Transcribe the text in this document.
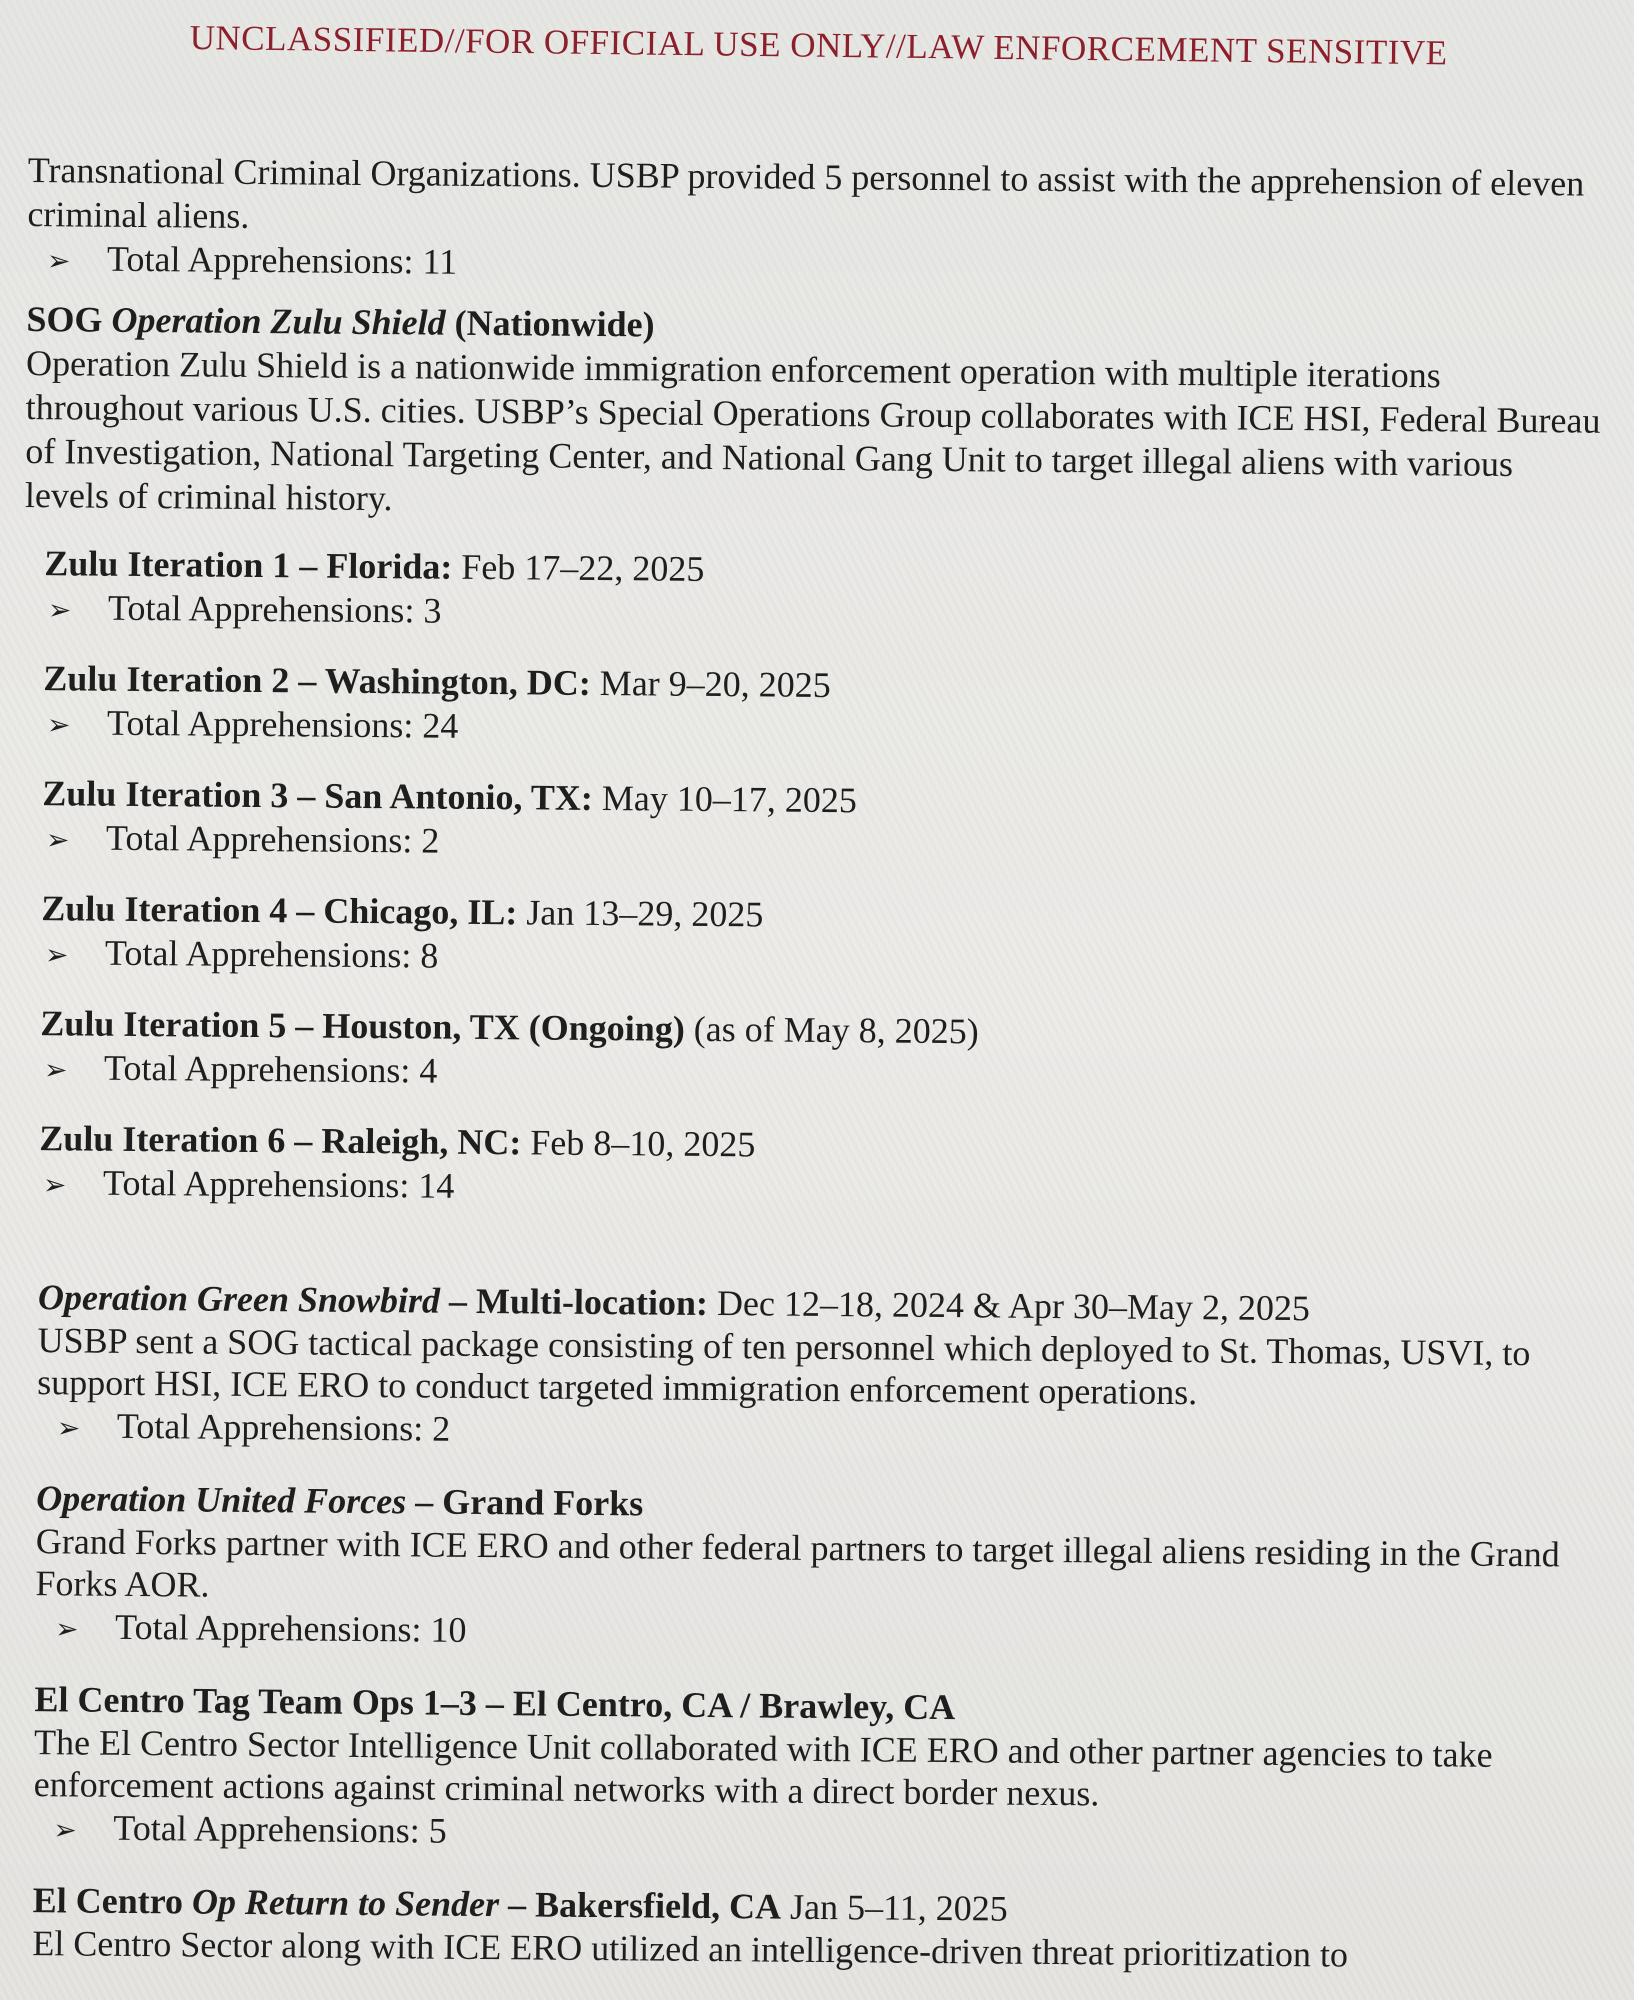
UNCLASSIFIED//FOR OFFICIAL USE ONLY//LAW ENFORCEMENT SENSITIVE

Transnational Criminal Organizations. USBP provided 5 personnel to assist with the apprehension of eleven criminal aliens.

➢ Total Apprehensions: 11

SOG Operation Zulu Shield (Nationwide)

Operation Zulu Shield is a nationwide immigration enforcement operation with multiple iterations throughout various U.S. cities. USBP’s Special Operations Group collaborates with ICE HSI, Federal Bureau of Investigation, National Targeting Center, and National Gang Unit to target illegal aliens with various levels of criminal history.

Zulu Iteration 1 – Florida: Feb 17–22, 2025

➢ Total Apprehensions: 3

Zulu Iteration 2 – Washington, DC: Mar 9–20, 2025

➢ Total Apprehensions: 24

Zulu Iteration 3 – San Antonio, TX: May 10–17, 2025

➢ Total Apprehensions: 2

Zulu Iteration 4 – Chicago, IL: Jan 13–29, 2025

➢ Total Apprehensions: 8

Zulu Iteration 5 – Houston, TX (Ongoing) (as of May 8, 2025)

➢ Total Apprehensions: 4

Zulu Iteration 6 – Raleigh, NC: Feb 8–10, 2025

➢ Total Apprehensions: 14

Operation Green Snowbird – Multi-location: Dec 12–18, 2024 & Apr 30–May 2, 2025

USBP sent a SOG tactical package consisting of ten personnel which deployed to St. Thomas, USVI, to support HSI, ICE ERO to conduct targeted immigration enforcement operations.

➢ Total Apprehensions: 2

Operation United Forces – Grand Forks

Grand Forks partner with ICE ERO and other federal partners to target illegal aliens residing in the Grand Forks AOR.

➢ Total Apprehensions: 10

El Centro Tag Team Ops 1–3 – El Centro, CA / Brawley, CA

The El Centro Sector Intelligence Unit collaborated with ICE ERO and other partner agencies to take enforcement actions against criminal networks with a direct border nexus.

➢ Total Apprehensions: 5

El Centro Op Return to Sender – Bakersfield, CA Jan 5–11, 2025

El Centro Sector along with ICE ERO utilized an intelligence-driven threat prioritization to
